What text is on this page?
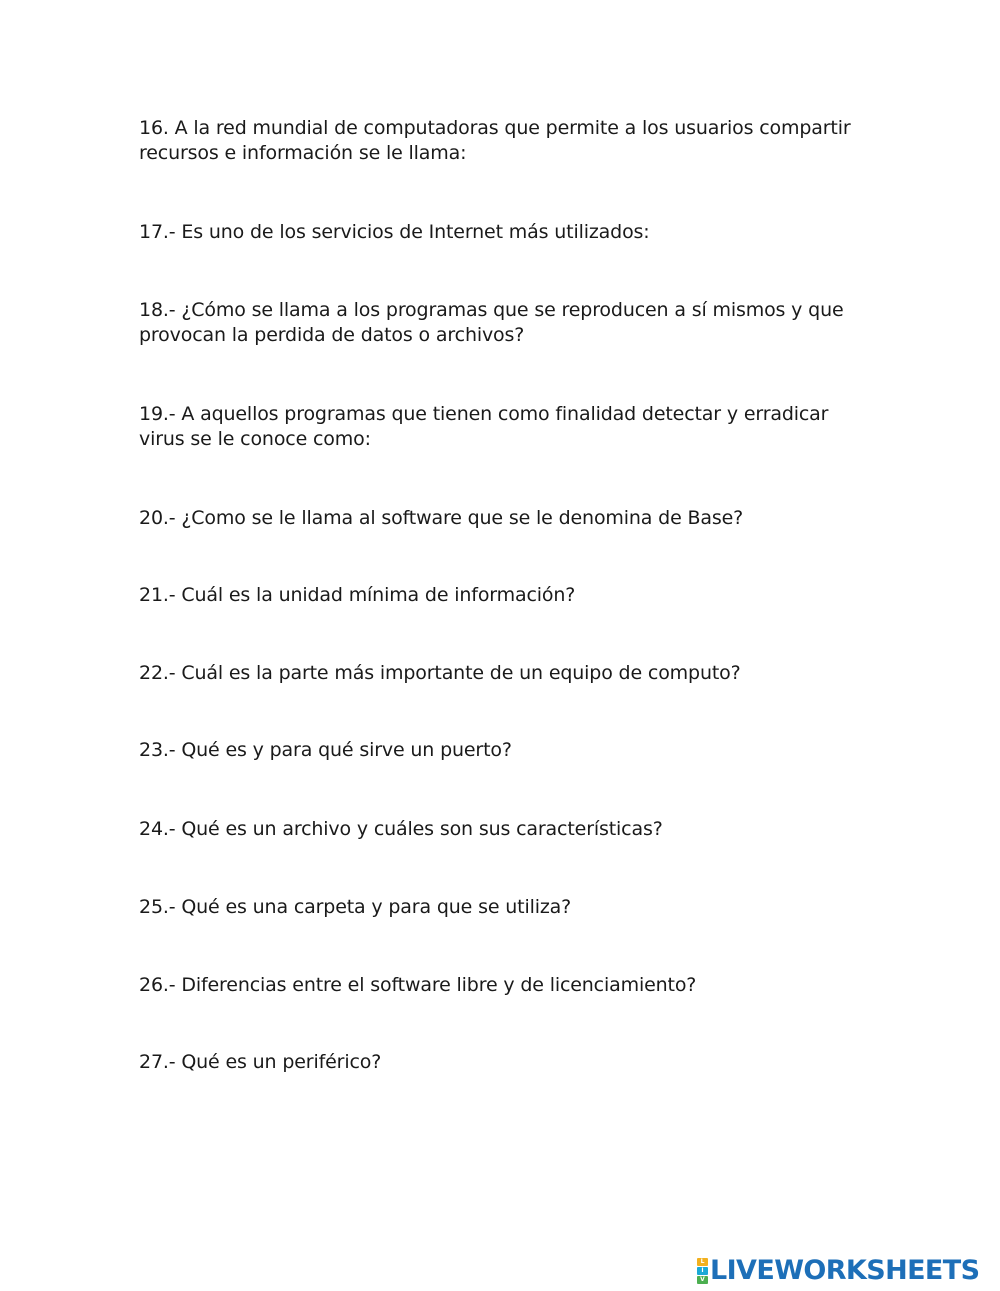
16. A la red mundial de computadoras que permite a los usuarios compartir
recursos e información se le llama:

17.- Es uno de los servicios de Internet más utilizados:

18.- ¿Cómo se llama a los programas que se reproducen a sí mismos y que
provocan la perdida de datos o archivos?

19.- A aquellos programas que tienen como finalidad detectar y erradicar
virus se le conoce como:

20.- ¿Como se le llama al software que se le denomina de Base?

21.- Cuál es la unidad mínima de información?

22.- Cuál es la parte más importante de un equipo de computo?

23.- Qué es y para qué sirve un puerto?

24.- Qué es un archivo y cuáles son sus características?

25.- Qué es una carpeta y para que se utiliza?

26.- Diferencias entre el software libre y de licenciamiento?

27.- Qué es un periférico?

L
I
V LIVEWORKSHEETS
